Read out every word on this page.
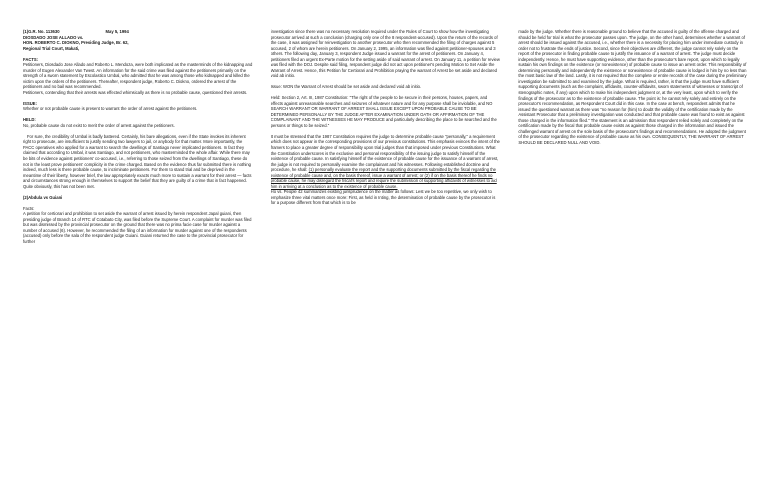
(1)G.R. No. 113630	May 5, 1994

DIOSDADO JOSE ALLADO vs.

HON. ROBERTO C. DIOKNO, Presiding Judge, Br. 62,

Regional Trial Court, Makati,

FACTS:

Petitioners, Diosdado Jose Allado and Roberto L. Mendoza, were both implicated as the masterminds of the kidnapping and murder of Eugen Alexander Van Twest. An information for the said crime was filed against the petitioners primarily on the strength of a sworn statement by Escolastico Umbal, who admitted that he was among those who kidnapped and killed the victim upon the orders of the petitioners. Thereafter, respondent judge, Roberto C. Diokno, ordered the arrest of the petitioners and no bail was recommended.

Petitioners, contending that their arrests was effected whimsically as there is no probable cause, questioned their arrests.

ISSUE:

Whether or not probable cause is present to warrant the order of arrest against the petitioners.

HELD:

No, probable cause do not exist to merit the order of arrest against the petitioners.

For sure, the credibility of Umbal is badly battered. Certainly, his bare allegations, even if the State invokes its inherent right to prosecute, are insufficient to justify sending two lawyers to jail, or anybody for that matter. More importantly, the PACC operatives who applied for a warrant to search the dwellings of Santiago never implicated petitioners. In fact they claimed that according to Umbal, it was Santiago, and not petitioners, who masterminded the whole affair. While there may be bits of evidence against petitioners' co-accused, i.e., referring to those seized from the dwellings of Santiago, these do not in the least prove petitioners' complicity in the crime charged. Based on the evidence thus far submitted there is nothing indeed, much less is there probable cause, to incriminate petitioners. For them to stand trial and be deprived in the meantime of their liberty, however brief, the law appropriately exacts much more to sustain a warrant for their arrest — facts and circumstances strong enough in themselves to support the belief that they are guilty of a crime that in fact happened. Quite obviously, this has not been met.

(2)Abdula vs Guiani

Facts:

A petition for certiorari and prohibition to set aside the warrant of arrest issued by herein respondent Japal guiani, then presiding judge of Branch 14 of RTC of Cotabato City, was filed before the Supreme Court. A complaint for murder was filed but was dismissed by the provincial prosecutor on the ground that there was no prima facie case for murder against a number of accused (6). However, he recommended the filing of an information for murder against one of the respondents (accused) only before the sala of the respondent judge Guiani. Guiani returned the case to the provincial prosecutor for further

investigation since there was no necessary resolution required under the Rules of Court to show how the investigating prosecutor arrived at such a conclusion (charging only one of the 8 respondent-accused). Upon the return of the records of the case, it was assigned for reinvestigation to another prosecutor who then recommended the filing of charges against 5 accused, 2 of whom are herein petitioners. On January 2, 1995, an information was filed against petitioner-spouses and 3 others. The following day, January 3, respondent Judge issued a warrant for the arrest of petitioners. On January 4, petitioners filed an urgent Ex-Parte motion for the setting aside of said warrant of arrest. On January 11, a petition for review was filed with the DOJ. Despite said filing, respondent judge did not act upon petitioner's pending Motion to Set Aside the Warrant of Arrest. Hence, this Petition for Certiorari and Prohibition praying the warrant of Arrest be set aside and declared void ab initio.

Issue: WON the Warrant of Arrest should be set aside and declared void ab initio.

Held: Section 2, Art. III, 1987 Constitution: "The right of the people to be secure in their persons, houses, papers, and effects against unreasonable searches and seizures of whatever nature and for any purpose shall be inviolable, and NO SEARCH WARRANT OR WARRANT OF ARREST SHALL ISSUE EXCEPT UPON PROBABLE CAUSE TO BE DETERMINED PERSONALLY BY THE JUDGE AFTER EXAMINATION UNDER OATH OR AFFIRMATION OF THE COMPLAINANT AND THE WITNESSES HE MAY PRODUCE and particularly describing the place to be searched and the persons or things to be seized."

It must be stressed that the 1987 Constitution requires the judge to determine probable cause "personally," a requirement which does not appear in the corresponding provisions of our previous constitutions. This emphasis evinces the intent of the framers to place a greater degree of responsibility upon trial judges than that imposed under previous Constitutions. What the Constitution underscores is the exclusive and personal responsibility of the issuing judge to satisfy himself of the existence of probable cause. In satisfying himself of the existence of probable cause for the issuance of a warrant of arrest, the judge is not required to personally examine the complainant and his witnesses. Following established doctrine and procedure, he shall: (1) personally evaluate the report and the supporting documents submitted by the fiscal regarding the existence of probable cause and, on the basis thereof, issue a warrant of arrest; or (2) if on the basis thereof he finds no probable cause, he may disregard the fiscal's report and require the submission of supporting affidavits of witnesses to aid him in arriving at a conclusion as to the existence of probable cause.

Ho vs. People 42 summarizes existing jurisprudence on the matter as follows: Lest we be too repetitive, we only wish to emphasize three vital matters once more: First, as held in Inting, the determination of probable cause by the prosecutor is for a purpose different from that which is to be

made by the judge. Whether there is reasonable ground to believe that the accused is guilty of the offense charged and should be held for trial is what the prosecutor passes upon. The judge, on the other hand, determines whether a warrant of arrest should be issued against the accused, i.e., whether there is a necessity for placing him under immediate custody in order not to frustrate the ends of justice. Second, since their objectives are different, the judge cannot rely solely on the report of the prosecutor in finding probable cause to justify the issuance of a warrant of arrest. The judge must decide independently. Hence, he must have supporting evidence, other than the prosecutor's bare report, upon which to legally sustain his own findings on the existence (or nonexistence) of probable cause to issue an arrest order. This responsibility of determining personally and independently the existence or nonexistence of probable cause is lodged in him by no less than the most basic law of the land. Lastly, it is not required that the complete or entire records of the case during the preliminary investigation be submitted to and examined by the judge. What is required, rather, is that the judge must have sufficient supporting documents (such as the complaint, affidavits, counter-affidavits, sworn statements of witnesses or transcript of stenographic notes, if any) upon which to make his independent judgment or, at the very least, upon which to verify the findings of the prosecutor as to the existence of probable cause. The point is: he cannot rely solely and entirely on the prosecutor's recommendation, as Respondent Court did in this case. In the case at bench, respondent admits that he issued the questioned warrant as there was "no reason for (him) to doubt the validity of the certification made by the Assistant Prosecutor that a preliminary investigation was conducted and that probable cause was found to exist as against those charged in the information filed." The statement is an admission that respondent relied solely and completely on the certification made by the fiscal that probable cause exists as against those charged in the information and issued the challenged warrant of arrest on the sole basis of the prosecutor's findings and recommendations. He adopted the judgment of the prosecutor regarding the existence of probable cause as his own. CONSEQUENTLY, THE WARRANT OF ARREST SHOULD BE DECLARED NULL AND VOID.
